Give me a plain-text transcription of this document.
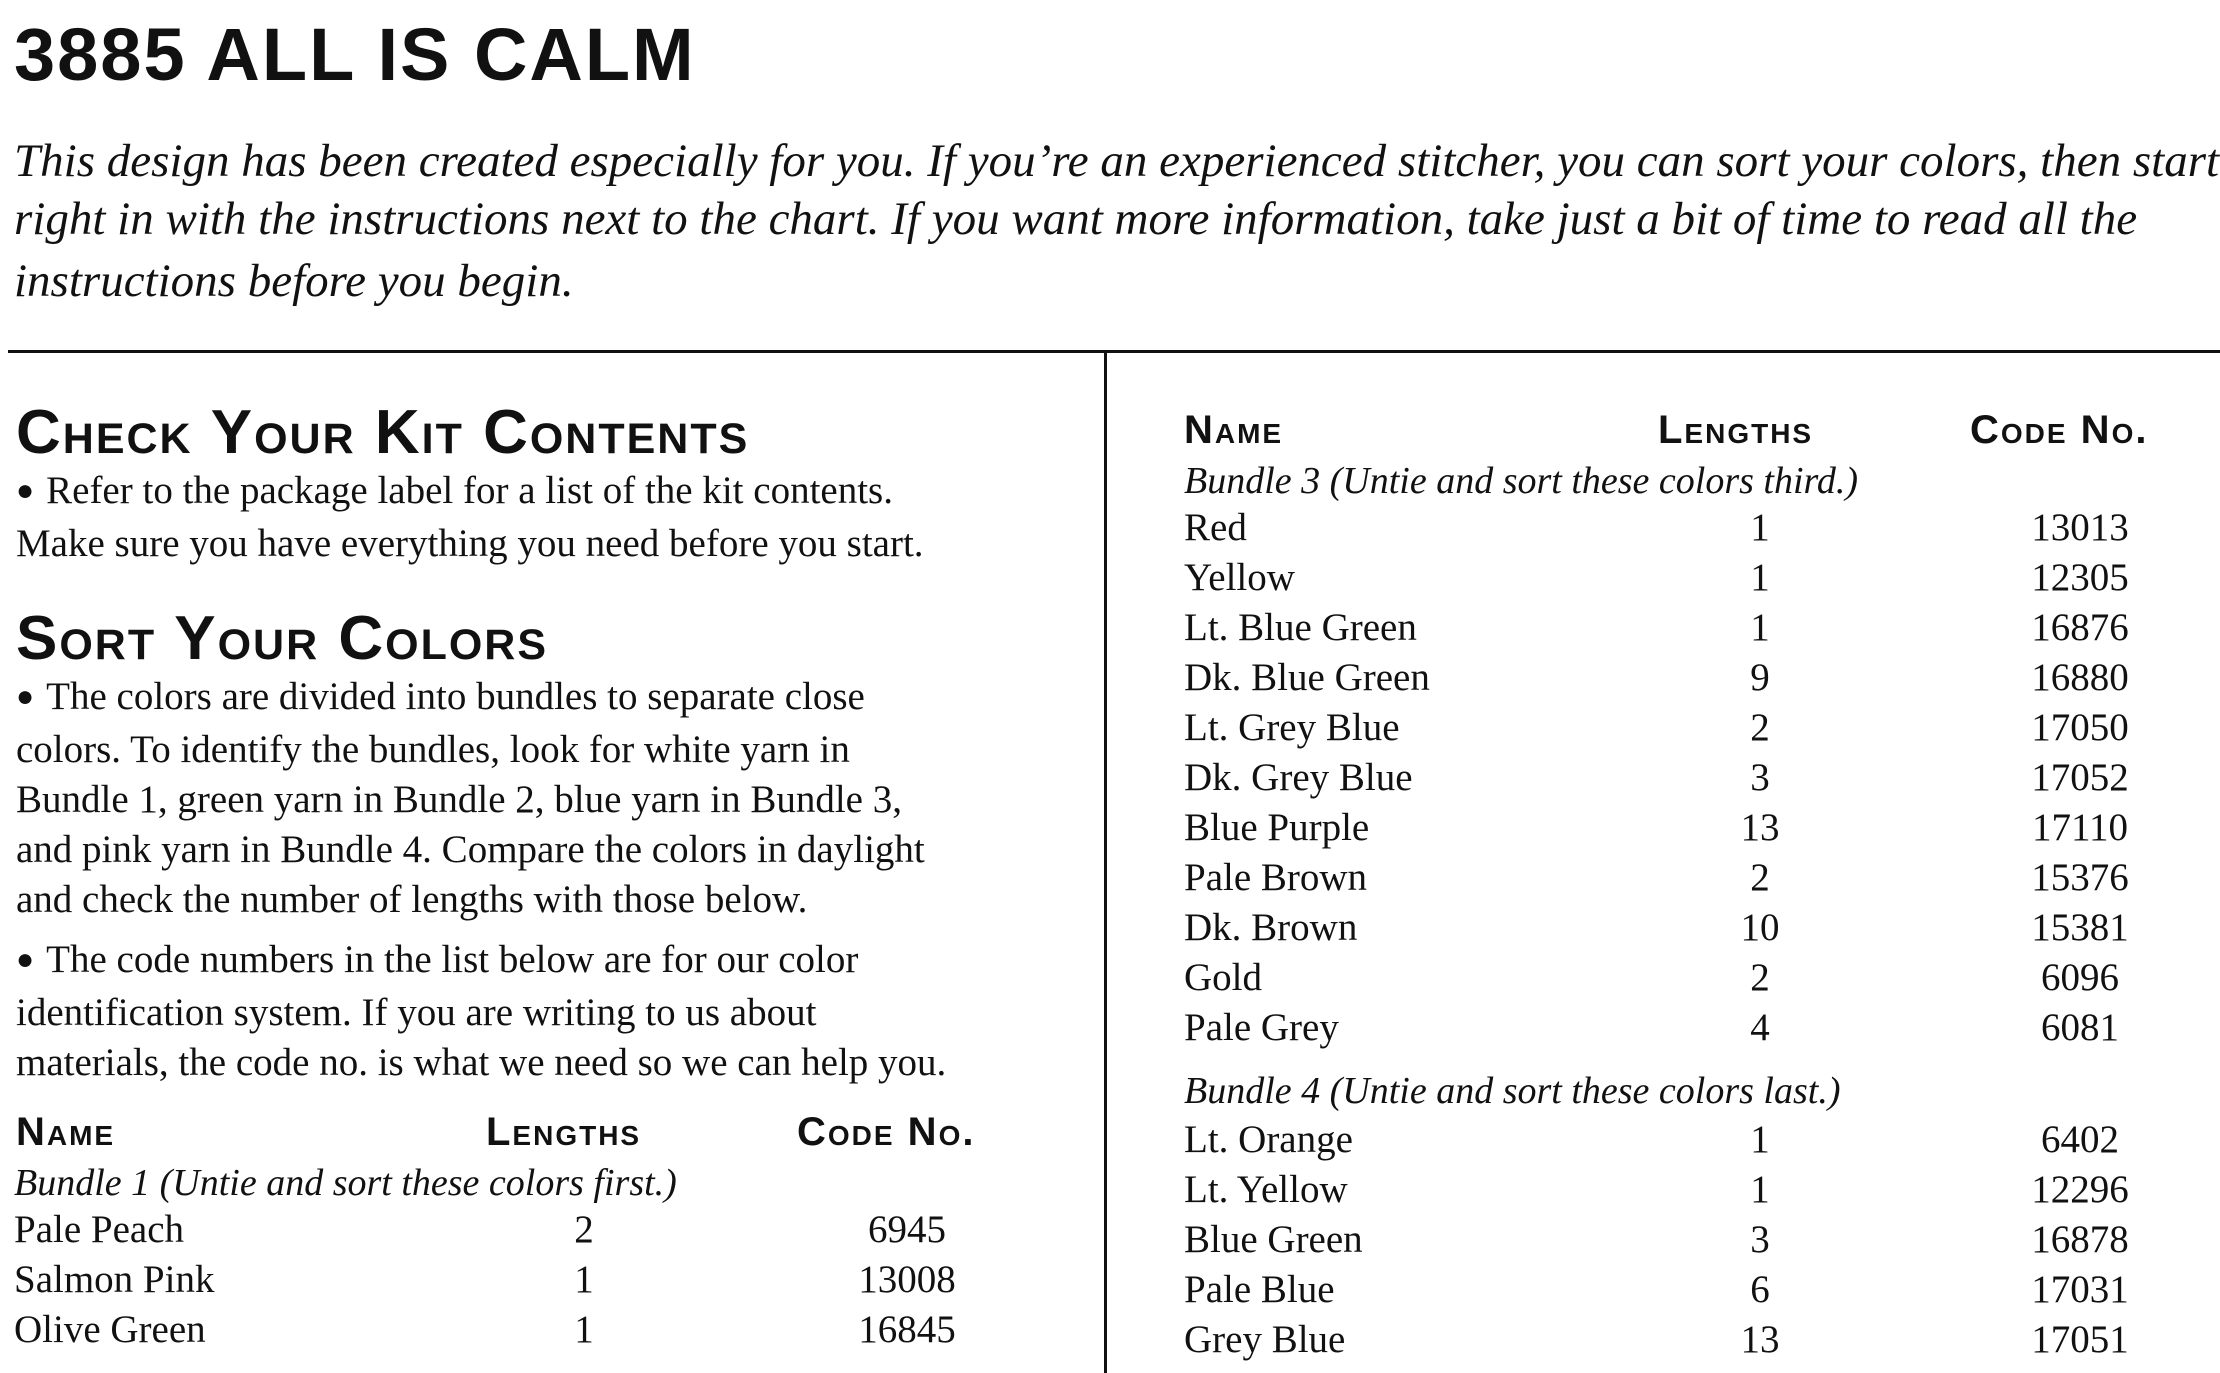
3885 ALL IS CALM
This design has been created especially for you. If you’re an experienced stitcher, you can sort your colors, then start
right in with the instructions next to the chart. If you want more information, take just a bit of time to read all the
instructions before you begin.
Check Your Kit Contents
● Refer to the package label for a list of the kit contents.
Make sure you have everything you need before you start.
Sort Your Colors
● The colors are divided into bundles to separate close
colors. To identify the bundles, look for white yarn in
Bundle 1, green yarn in Bundle 2, blue yarn in Bundle 3,
and pink yarn in Bundle 4. Compare the colors in daylight
and check the number of lengths with those below.
● The code numbers in the list below are for our color
identification system. If you are writing to us about
materials, the code no. is what we need so we can help you.
Name	Lengths	Code No.
Bundle 1 (Untie and sort these colors first.)
Pale Peach	2	6945
Salmon Pink	1	13008
Olive Green	1	16845
Name	Lengths	Code No.
Bundle 3 (Untie and sort these colors third.)
Red	1	13013
Yellow	1	12305
Lt. Blue Green	1	16876
Dk. Blue Green	9	16880
Lt. Grey Blue	2	17050
Dk. Grey Blue	3	17052
Blue Purple	13	17110
Pale Brown	2	15376
Dk. Brown	10	15381
Gold	2	6096
Pale Grey	4	6081
Bundle 4 (Untie and sort these colors last.)
Lt. Orange	1	6402
Lt. Yellow	1	12296
Blue Green	3	16878
Pale Blue	6	17031
Grey Blue	13	17051
